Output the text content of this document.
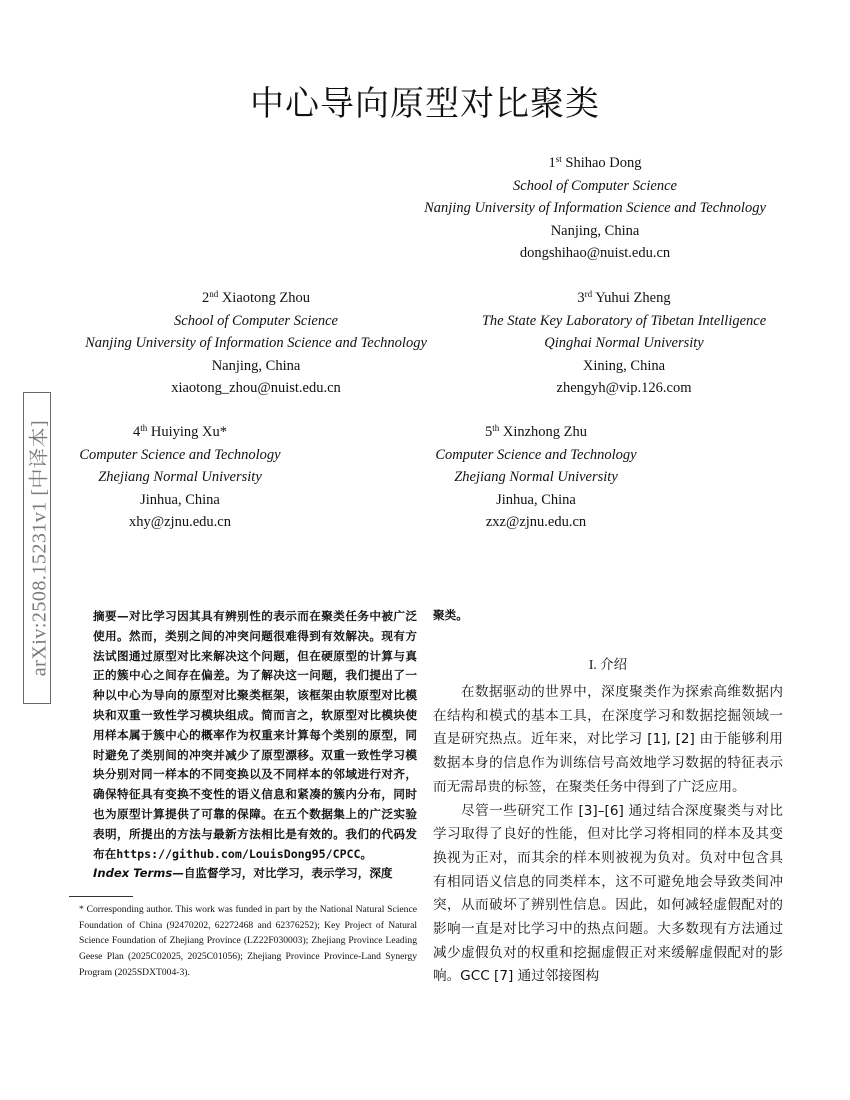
中心导向原型对比聚类
1st Shihao Dong
School of Computer Science
Nanjing University of Information Science and Technology
Nanjing, China
dongshihao@nuist.edu.cn
2nd Xiaotong Zhou
School of Computer Science
Nanjing University of Information Science and Technology
Nanjing, China
xiaotong_zhou@nuist.edu.cn
3rd Yuhui Zheng
The State Key Laboratory of Tibetan Intelligence
Qinghai Normal University
Xining, China
zhengyh@vip.126.com
4th Huiying Xu*
Computer Science and Technology
Zhejiang Normal University
Jinhua, China
xhy@zjnu.edu.cn
5th Xinzhong Zhu
Computer Science and Technology
Zhejiang Normal University
Jinhua, China
zxz@zjnu.edu.cn
arXiv:2508.15231v1 [中译本]	摘要—对比学习因其具有辨别性的表示而在聚类任务中被广泛使用。然而，类别之间的冲突问题很难得到有效解决。现有方法试图通过原型对比来解决这个问题，但在硬原型的计算与真正的簇中心之间存在偏差。为了解决这一问题，我们提出了一种以中心为导向的原型对比聚类框架，该框架由软原型对比模块和双重一致性学习模块组成。简而言之，软原型对比模块使用样本属于簇中心的概率作为权重来计算每个类别的原型，同时避免了类别间的冲突并减少了原型漂移。双重一致性学习模块分别对同一样本的不同变换以及不同样本的邻域进行对齐，确保特征具有变换不变性的语义信息和紧凑的簇内分布，同时也为原型计算提供了可靠的保障。在五个数据集上的广泛实验表明，所提出的方法与最新方法相比是有效的。我们的代码发布在https://github.com/LouisDong95/CPCC。
Index Terms—自监督学习，对比学习，表示学习，深度
* Corresponding author. This work was funded in part by the National Natural Science Foundation of China (92470202, 62272468 and 62376252); Key Project of Natural Science Foundation of Zhejiang Province (LZ22F030003); Zhejiang Province Leading Geese Plan (2025C02025, 2025C01056); Zhejiang Province Province-Land Synergy Program (2025SDXT004-3).
聚类。
I. 介绍

在数据驱动的世界中，深度聚类作为探索高维数据内在结构和模式的基本工具，在深度学习和数据挖掘领域一直是研究热点。近年来，对比学习 [1], [2] 由于能够利用数据本身的信息作为训练信号高效地学习数据的特征表示而无需昂贵的标签，在聚类任务中得到了广泛应用。

尽管一些研究工作 [3]–[6] 通过结合深度聚类与对比学习取得了良好的性能，但对比学习将相同的样本及其变换视为正对，而其余的样本则被视为负对。负对中包含具有相同语义信息的同类样本，这不可避免地会导致类间冲突，从而破坏了辨别性信息。因此，如何减轻虚假配对的影响一直是对比学习中的热点问题。大多数现有方法通过减少虚假负对的权重和挖掘虚假正对来缓解虚假配对的影响。GCC [7] 通过邻接图构
